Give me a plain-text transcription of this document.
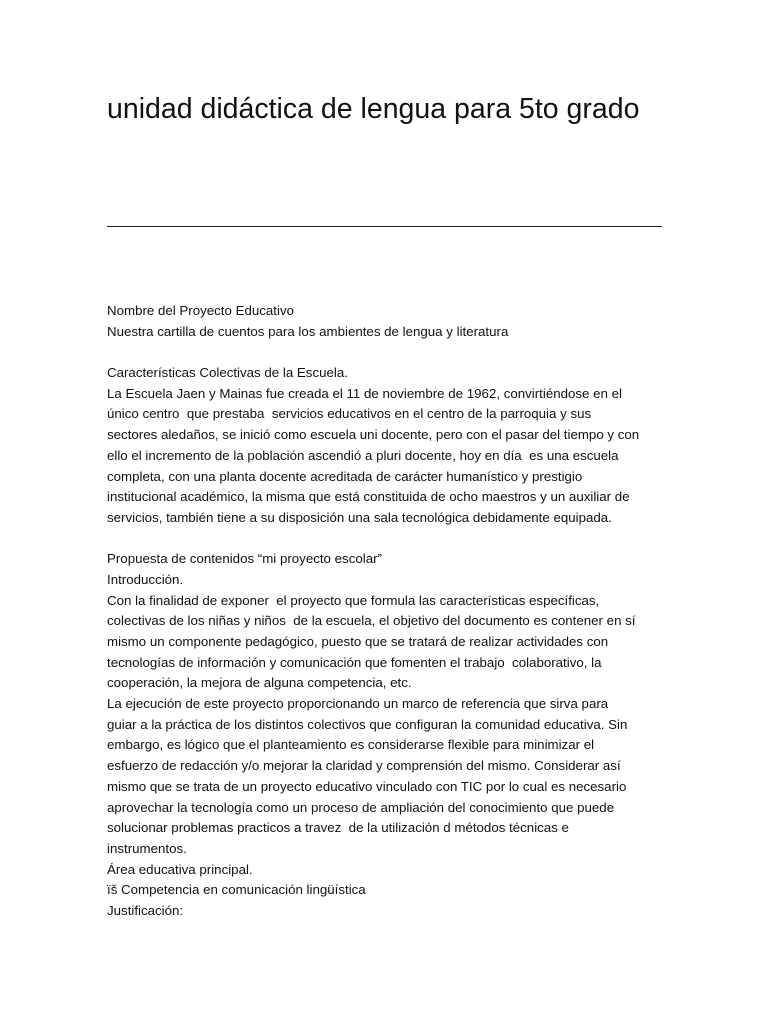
unidad didáctica de lengua para 5to grado
Nombre del Proyecto Educativo
Nuestra cartilla de cuentos para los ambientes de lengua y literatura
Características Colectivas de la Escuela.
La Escuela Jaen y Mainas fue creada el 11 de noviembre de 1962, convirtiéndose en el
único centro  que prestaba  servicios educativos en el centro de la parroquia y sus
sectores aledaños, se inició como escuela uni docente, pero con el pasar del tiempo y con
ello el incremento de la población ascendió a pluri docente, hoy en día  es una escuela
completa, con una planta docente acreditada de carácter humanístico y prestigio
institucional académico, la misma que está constituida de ocho maestros y un auxiliar de
servicios, también tiene a su disposición una sala tecnológica debidamente equipada.
Propuesta de contenidos “mi proyecto escolar”
Introducción.
Con la finalidad de exponer  el proyecto que formula las características específicas,
colectivas de los niñas y niños  de la escuela, el objetivo del documento es contener en sí
mismo un componente pedagógico, puesto que se tratará de realizar actividades con
tecnologías de información y comunicación que fomenten el trabajo  colaborativo, la
cooperación, la mejora de alguna competencia, etc.
La ejecución de este proyecto proporcionando un marco de referencia que sirva para
guiar a la práctica de los distintos colectivos que configuran la comunidad educativa. Sin
embargo, es lógico que el planteamiento es considerarse flexible para minimizar el
esfuerzo de redacción y/o mejorar la claridad y comprensión del mismo. Considerar así
mismo que se trata de un proyecto educativo vinculado con TIC por lo cual es necesario
aprovechar la tecnología como un proceso de ampliación del conocimiento que puede
solucionar problemas practicos a travez  de la utilización d métodos técnicas e
instrumentos.
Área educativa principal.
ïš Competencia en comunicación lingüística
Justificación:
